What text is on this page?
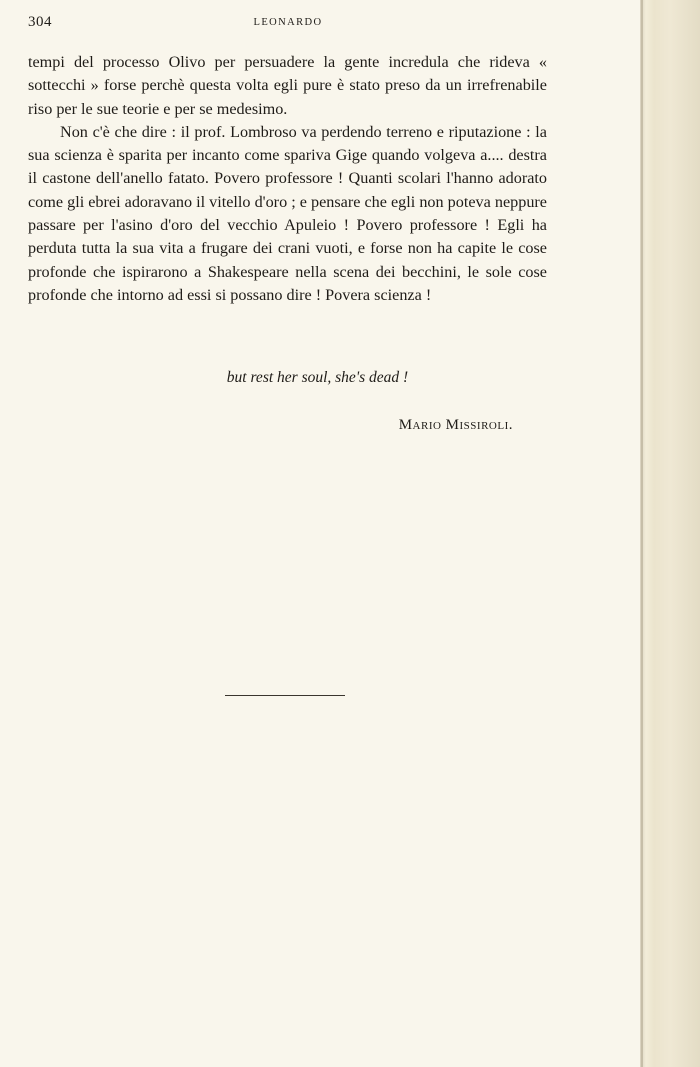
304	LEONARDO

tempi del processo Olivo per persuadere la gente incredula che rideva « sottecchi » forse perchè questa volta egli pure è stato preso da un irrefrenabile riso per le sue teorie e per se medesimo.

Non c'è che dire : il prof. Lombroso va perdendo terreno e riputazione : la sua scienza è sparita per incanto come spariva Gige quando volgeva a.... destra il castone dell'anello fatato. Povero professore ! Quanti scolari l'hanno adorato come gli ebrei adoravano il vitello d'oro ; e pensare che egli non poteva neppure passare per l'asino d'oro del vecchio Apuleio ! Povero professore ! Egli ha perduta tutta la sua vita a frugare dei crani vuoti, e forse non ha capite le cose profonde che ispirarono a Shakespeare nella scena dei becchini, le sole cose profonde che intorno ad essi si possano dire ! Povera scienza !

but rest her soul, she's dead !
Mario Missiroli.
